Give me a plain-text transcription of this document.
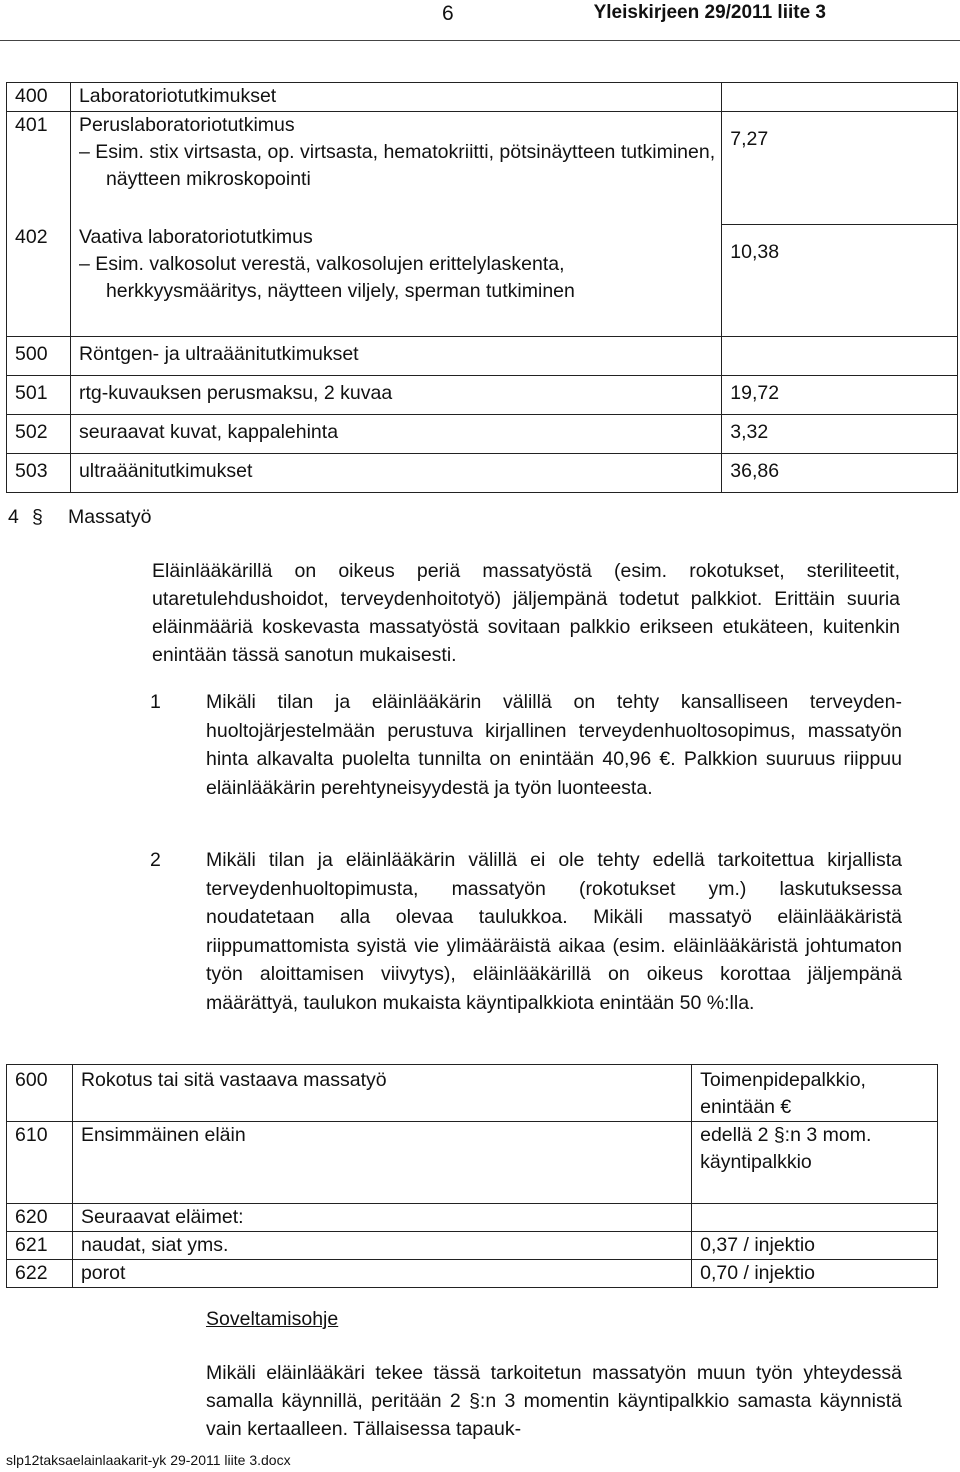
6	Yleiskirjeen 29/2011 liite 3
400	Laboratoriotutkimukset	
401	Peruslaboratoriotutkimus
– Esim. stix virtsasta, op. virtsasta, hematokriitti, pötsinäytteen tutkiminen, näytteen mikroskopointi	7,27
402	Vaativa laboratoriotutkimus
– Esim. valkosolut verestä, valkosolujen erittelylaskenta, herkkyysmääritys, näytteen viljely, sperman tutkiminen	10,38
500	Röntgen- ja ultraäänitutkimukset	
501	rtg-kuvauksen perusmaksu, 2 kuvaa	19,72
502	seuraavat kuvat, kappalehinta	3,32
503	ultraäänitutkimukset	36,86
4 § Massatyö
Eläinlääkärillä on oikeus periä massatyöstä (esim. rokotukset, steriliteetit, utaretulehdushoidot, terveydenhoitotyö) jäljempänä todetut palkkiot. Erittäin suuria eläinmääriä koskevasta massatyöstä sovitaan palkkio erikseen etukäteen, kuitenkin enintään tässä sanotun mukaisesti.
1 Mikäli tilan ja eläinlääkärin välillä on tehty kansalliseen terveydenhuoltojärjestelmään perustuva kirjallinen terveydenhuoltosopimus, massatyön hinta alkavalta puolelta tunnilta on enintään 40,96 €. Palkkion suuruus riippuu eläinlääkärin perehtyneisyydestä ja työn luonteesta.
2 Mikäli tilan ja eläinlääkärin välillä ei ole tehty edellä tarkoitettua kirjallista terveydenhuoltopimusta, massatyön (rokotukset ym.) laskutuksessa noudatetaan alla olevaa taulukkoa. Mikäli massatyö eläinlääkäristä riippumattomista syistä vie ylimääräistä aikaa (esim. eläinlääkäristä johtumaton työn aloittamisen viivytys), eläinlääkärillä on oikeus korottaa jäljempänä määrättyä, taulukon mukaista käyntipalkkiota enintään 50 %:lla.
600	Rokotus tai sitä vastaava massatyö	Toimenpidepalkkio, enintään €
610	Ensimmäinen eläin	edellä 2 §:n 3 mom. käyntipalkkio
620	Seuraavat eläimet:	
621	naudat, siat yms.	0,37 / injektio
622	porot	0,70 / injektio
Soveltamisohje
Mikäli eläinlääkäri tekee tässä tarkoitetun massatyön muun työn yhteydessä samalla käynnillä, peritään 2 §:n 3 momentin käyntipalkkio samasta käynnistä vain kertaalleen. Tällaisessa tapauk-
slp12taksaelainlaakarit-yk 29-2011 liite 3.docx
